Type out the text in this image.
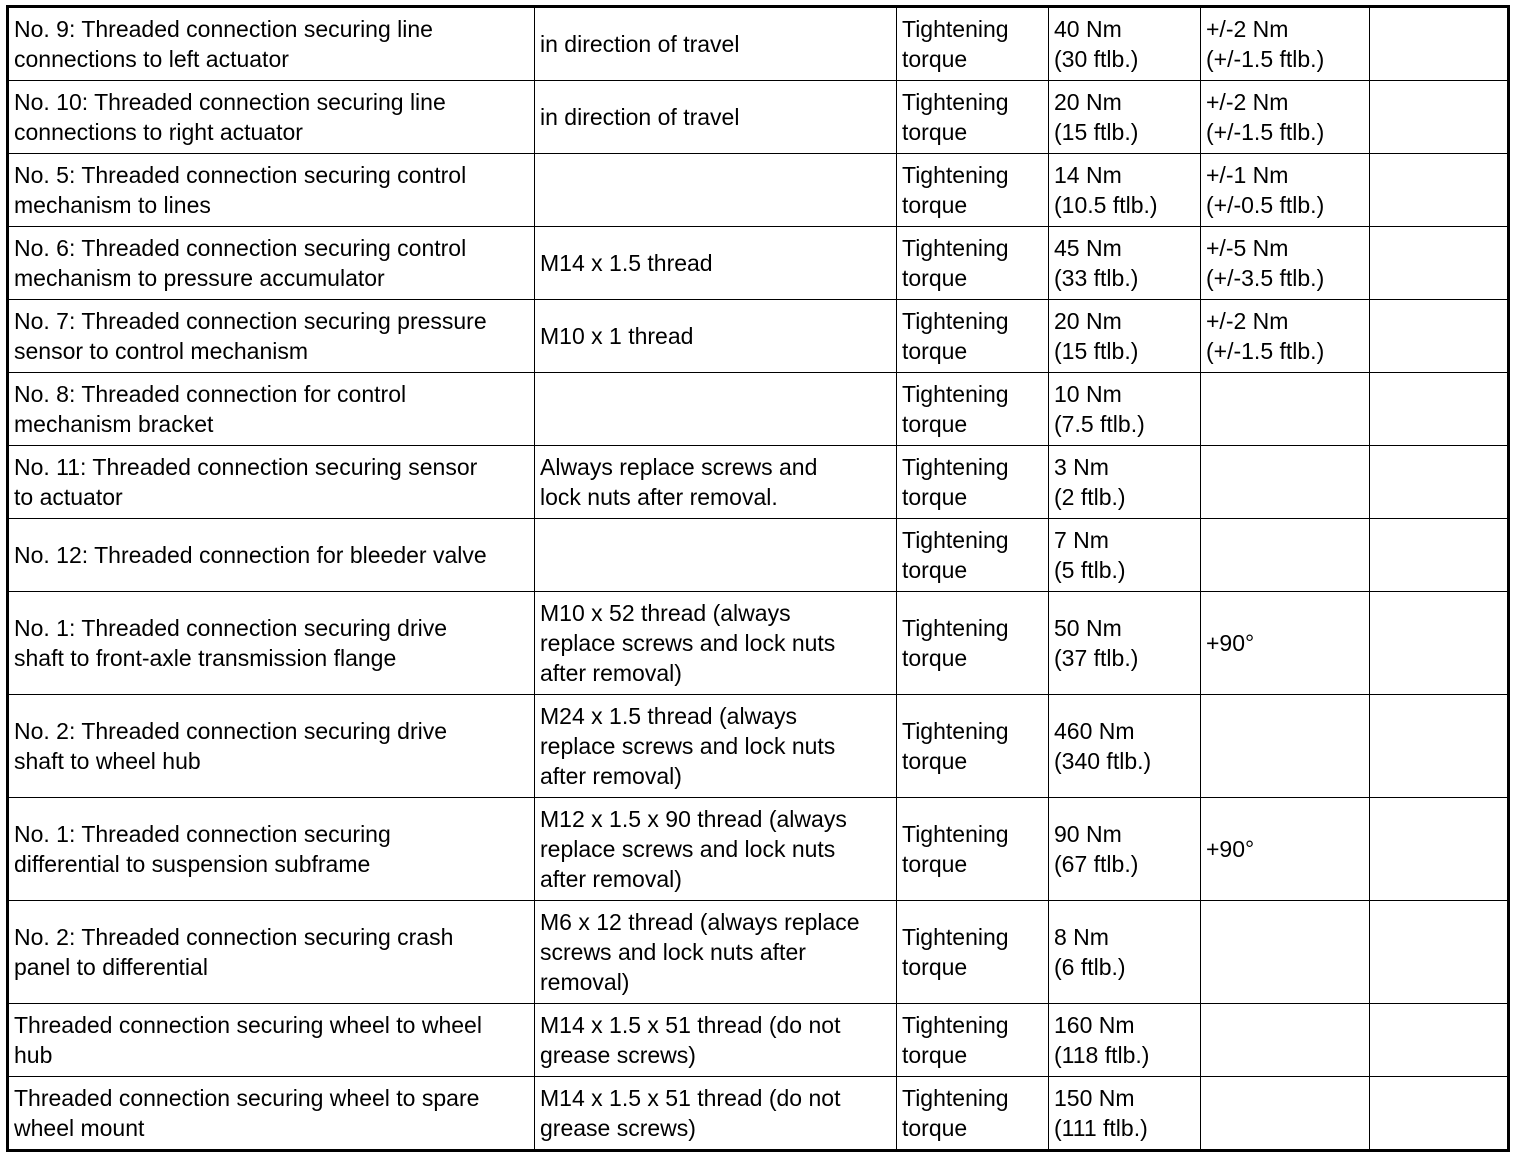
No. 9: Threaded connection securing line
connections to left actuator	in direction of travel	Tightening
torque	40 Nm
(30 ftlb.)	+/-2 Nm
(+/-1.5 ftlb.)	

No. 10: Threaded connection securing line
connections to right actuator	in direction of travel	Tightening
torque	20 Nm
(15 ftlb.)	+/-2 Nm
(+/-1.5 ftlb.)	

No. 5: Threaded connection securing control
mechanism to lines		Tightening
torque	14 Nm
(10.5 ftlb.)	+/-1 Nm
(+/-0.5 ftlb.)	

No. 6: Threaded connection securing control
mechanism to pressure accumulator	M14 x 1.5 thread	Tightening
torque	45 Nm
(33 ftlb.)	+/-5 Nm
(+/-3.5 ftlb.)	

No. 7: Threaded connection securing pressure
sensor to control mechanism	M10 x 1 thread	Tightening
torque	20 Nm
(15 ftlb.)	+/-2 Nm
(+/-1.5 ftlb.)	

No. 8: Threaded connection for control
mechanism bracket		Tightening
torque	10 Nm
(7.5 ftlb.)		

No. 11: Threaded connection securing sensor
to actuator	Always replace screws and
lock nuts after removal.	Tightening
torque	3 Nm
(2 ftlb.)		

No. 12: Threaded connection for bleeder valve		Tightening
torque	7 Nm
(5 ftlb.)		

No. 1: Threaded connection securing drive
shaft to front-axle transmission flange	M10 x 52 thread (always
replace screws and lock nuts
after removal)	Tightening
torque	50 Nm
(37 ftlb.)	+90°	

No. 2: Threaded connection securing drive
shaft to wheel hub	M24 x 1.5 thread (always
replace screws and lock nuts
after removal)	Tightening
torque	460 Nm
(340 ftlb.)		

No. 1: Threaded connection securing
differential to suspension subframe	M12 x 1.5 x 90 thread (always
replace screws and lock nuts
after removal)	Tightening
torque	90 Nm
(67 ftlb.)	+90°	

No. 2: Threaded connection securing crash
panel to differential	M6 x 12 thread (always replace
screws and lock nuts after
removal)	Tightening
torque	8 Nm
(6 ftlb.)		

Threaded connection securing wheel to wheel
hub	M14 x 1.5 x 51 thread (do not
grease screws)	Tightening
torque	160 Nm
(118 ftlb.)		

Threaded connection securing wheel to spare
wheel mount	M14 x 1.5 x 51 thread (do not
grease screws)	Tightening
torque	150 Nm
(111 ftlb.)		
